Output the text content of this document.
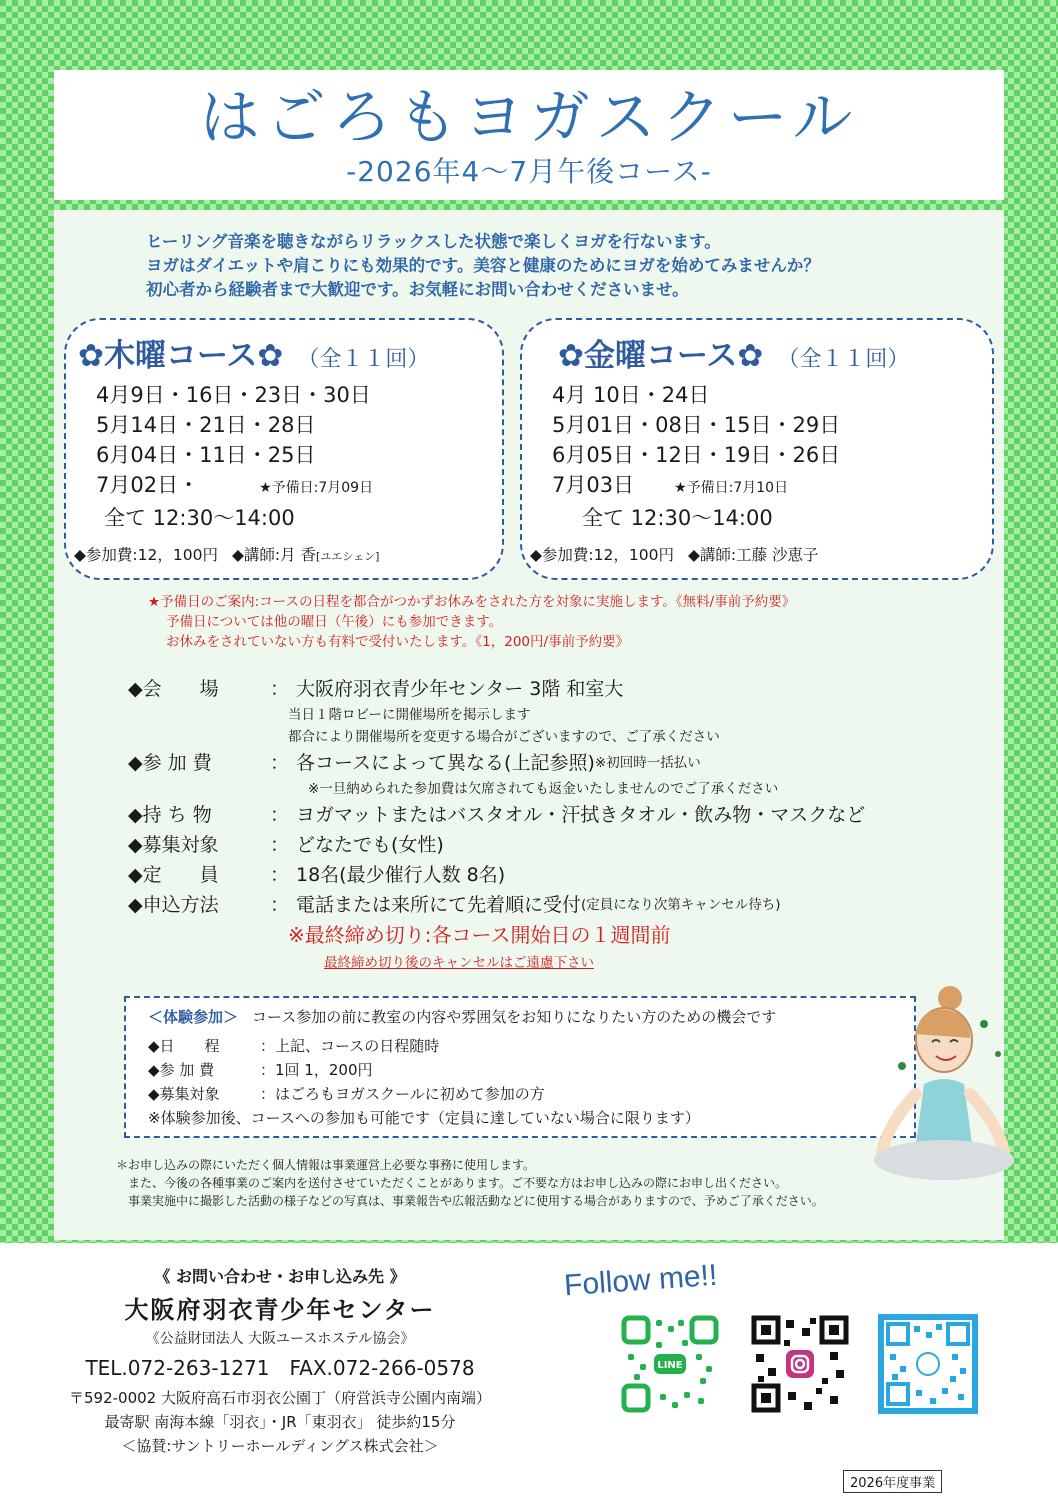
はごろもヨガスクール
-2026年4〜7月午後コース-
ヒーリング音楽を聴きながらリラックスした状態で楽しくヨガを行ないます。
ヨガはダイエットや肩こりにも効果的です。美容と健康のためにヨガを始めてみませんか？
初心者から経験者まで大歓迎です。お気軽にお問い合わせくださいませ。
✿木曜コース✿ （全１１回）
4月9日・16日・23日・30日
5月14日・21日・28日
6月04日・11日・25日
7月02日・	★予備日:7月09日
全て 12:30〜14:00
◆参加費:12，100円 ◆講師:月 香[ユエシェン]
✿金曜コース✿ （全１１回）
4月 10日・24日
5月01日・08日・15日・29日
6月05日・12日・19日・26日
7月03日	★予備日:7月10日
全て 12:30〜14:00
◆参加費:12，100円 ◆講師:工藤 沙恵子
★予備日のご案内:コースの日程を都合がつかずお休みをされた方を対象に実施します。《無料/事前予約要》
予備日については他の曜日（午後）にも参加できます。
お休みをされていない方も有料で受付いたします。《1，200円/事前予約要》
◆会　　場	： 大阪府羽衣青少年センター 3階 和室大
当日１階ロビーに開催場所を掲示します
都合により開催場所を変更する場合がございますので、ご了承ください
◆参 加 費	： 各コースによって異なる(上記参照) ※初回時一括払い
※一旦納められた参加費は欠席されても返金いたしませんのでご了承ください
◆持 ち 物	： ヨガマットまたはバスタオル・汗拭きタオル・飲み物・マスクなど
◆募集対象	： どなたでも(女性)
◆定　　員	： 18名(最少催行人数 8名)
◆申込方法	： 電話または来所にて先着順に受付 (定員になり次第キャンセル待ち)
※最終締め切り:各コース開始日の１週間前
最終締め切り後のキャンセルはご遠慮下さい
＜体験参加＞ コース参加の前に教室の内容や雰囲気をお知りになりたい方のための機会です
◆日　　程	：上記、コースの日程随時
◆参 加 費	：1回 1，200円
◆募集対象	：はごろもヨガスクールに初めて参加の方
※体験参加後、コースへの参加も可能です（定員に達していない場合に限ります）
＊お申し込みの際にいただく個人情報は事業運営上必要な事務に使用します。
また、今後の各種事業のご案内を送付させていただくことがあります。ご不要な方はお申し込みの際にお申し出ください。
事業実施中に撮影した活動の様子などの写真は、事業報告や広報活動などに使用する場合がありますので、予めご了承ください。
《 お問い合わせ・お申し込み先 》
大阪府羽衣青少年センター
《公益財団法人 大阪ユースホステル協会》
TEL.072-263-1271　FAX.072-266-0578
〒592-0002 大阪府高石市羽衣公園丁（府営浜寺公園内南端）
最寄駅 南海本線「羽衣」・JR「東羽衣」 徒歩約15分
＜協賛:サントリーホールディングス株式会社＞
Follow me!!
LINE
2026年度事業
